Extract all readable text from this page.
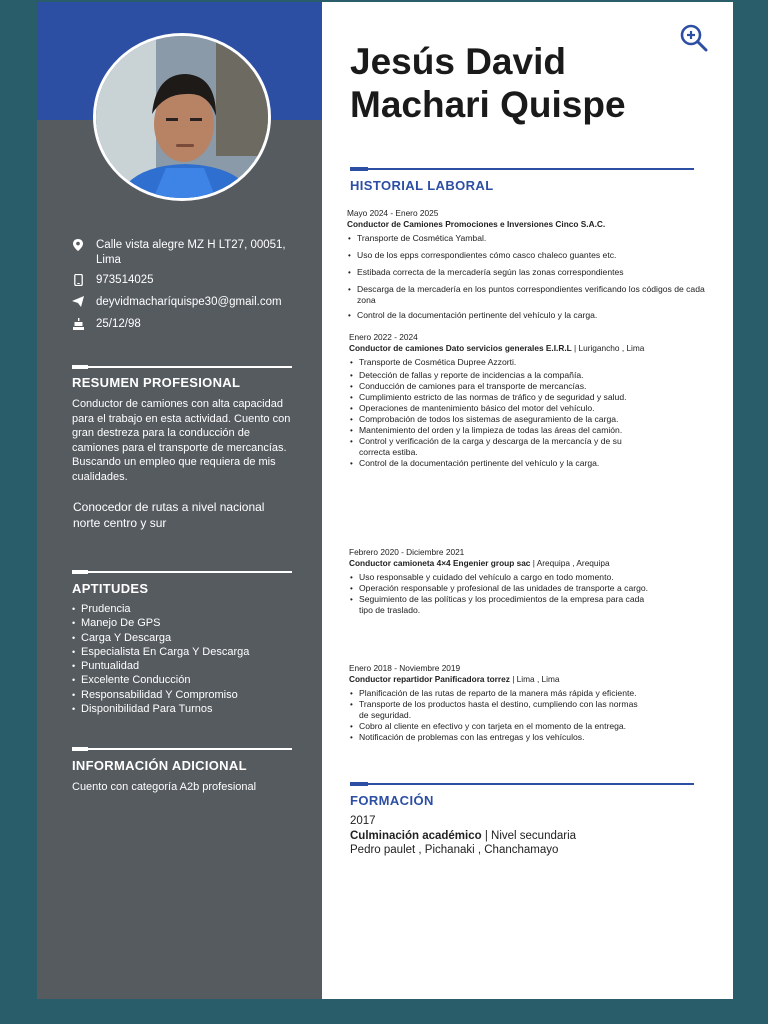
Calle vista alegre MZ H LT27, 00051, Lima
973514025
deyvidmacharíquispe30@gmail.com
25/12/98
RESUMEN PROFESIONAL
Conductor de camiones con alta capacidad para el trabajo en esta actividad. Cuento con gran destreza para la conducción de camiones para el transporte de mercancías. Buscando un empleo que requiera de mis cualidades.
Conocedor de rutas a nivel nacional norte centro y sur
APTITUDES
• Prudencia
• Manejo De GPS
• Carga Y Descarga
• Especialista En Carga Y Descarga
• Puntualidad
• Excelente Conducción
• Responsabilidad Y Compromiso
• Disponibilidad Para Turnos
INFORMACIÓN ADICIONAL
Cuento con categoría A2b profesional
Jesús David
Machari Quispe
HISTORIAL LABORAL
Mayo 2024 - Enero 2025
Conductor de Camiones Promociones e Inversiones Cinco S.A.C.
• Transporte de Cosmética Yambal.
• Uso de los epps correspondientes cómo casco chaleco guantes etc.
• Estibada correcta de la mercadería según las zonas correspondientes
• Descarga de la mercadería en los puntos correspondientes verificando los códigos de cada zona
• Control de la documentación pertinente del vehículo y la carga.
Enero 2022 - 2024
Conductor de camiones Dato servicios generales E.I.R.L | Lurigancho , Lima
• Transporte de Cosmética Dupree Azzorti.
• Detección de fallas y reporte de incidencias a la compañía.
• Conducción de camiones para el transporte de mercancías.
• Cumplimiento estricto de las normas de tráfico y de seguridad y salud.
• Operaciones de mantenimiento básico del motor del vehículo.
• Comprobación de todos los sistemas de aseguramiento de la carga.
• Mantenimiento del orden y la limpieza de todas las áreas del camión.
• Control y verificación de la carga y descarga de la mercancía y de su correcta estiba.
• Control de la documentación pertinente del vehículo y la carga.
Febrero 2020 - Diciembre 2021
Conductor camioneta 4×4 Engenier group sac | Arequipa , Arequipa
• Uso responsable y cuidado del vehículo a cargo en todo momento.
• Operación responsable y profesional de las unidades de transporte a cargo.
• Seguimiento de las políticas y los procedimientos de la empresa para cada tipo de traslado.
Enero 2018 - Noviembre 2019
Conductor repartidor Panificadora torrez | Lima , Lima
• Planificación de las rutas de reparto de la manera más rápida y eficiente.
• Transporte de los productos hasta el destino, cumpliendo con las normas de seguridad.
• Cobro al cliente en efectivo y con tarjeta en el momento de la entrega.
• Notificación de problemas con las entregas y los vehículos.
FORMACIÓN
2017
Culminación académico | Nivel secundaria
Pedro paulet , Pichanaki , Chanchamayo
